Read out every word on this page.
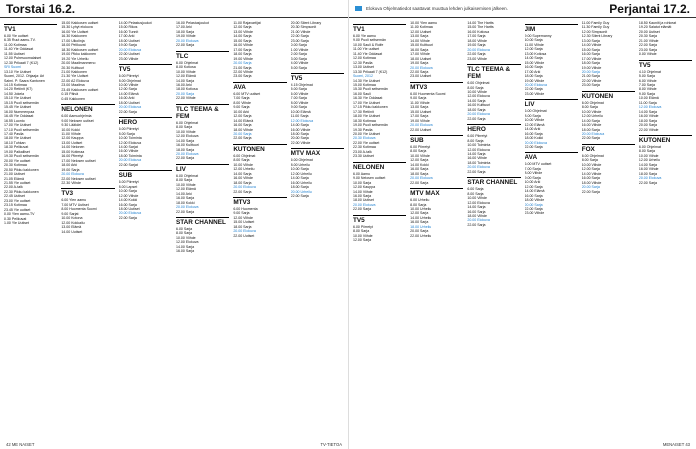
Torstai 16.2.
TV1
6.00 Yle uutiset
6.35 Ruut aamu-TV.
11.00 Kotimaa
11.40 Yle Oddasat
11.55 Uutiset
12.00 Puhesuomalaiset
12.30 Prikaati 7 (K12)
SRI Suomi
13.10 Yle Uutiset
Suomi, 2012. Ohjaaja: Ari
Salmi. P: Saara Kantonen
14.15 Kotimaa
14.20 Retiinit (K7)
14.50 Jokela
15.10 Yle Uutiset
15.15 Puoli seitsemän
15.45 Yle Uutiset
16.00 Nummenpaa
16.45 Yle Oddasat
16.55 Luonto
17.00 Yle Uutiset
17.10 Puoli seitsemän
17.40 Pasila
18.00 Yle Uutiset
18.10 Tuhkan
18.30 Pelikuvat
19.00 Paikalliset
19.30 Puoli seitsemän
20.00 Yle uutiset
20.30 Kotimaa
20.50 Pikku kakkonen
21.00 Uutiset
21.05 Elämä
21.55 Yle uutiset
22.00 A-talk
22.30 Pikku kakkonen
22.45 Uutiset
23.00 Yle uutiset
23.15 Kotimaa
23.45 Yle uutiset
0.00 Ylen aamu-TV
0.30 Pelikuvat
1.00 Yle Uutiset
15.00 Kakkosen uutiset
15.30 Lyhyt elokuva
16.00 Yle Uutiset
16.30 Kakkonen
17.00 Ulkolinja
18.00 Pelikuvat
18.30 Kakkosen uutiset
19.00 Pikku kakkonen
19.20 Yle Urheilu
20.00 Maailmanmeno
20.30 Kulttuuri
21.00 Kakkonen
21.30 Yle Uutiset
22.00 A2 Elokuva
23.00 Maailma
23.45 Kakkosen uutiset
0.15 Päivä
0.45 Kakkonen
NELONEN
6.00 Aamuohjelmia
9.00 Nelosen uutiset
9.30 Lääkäri
10.00 Kokki
11.00 Viihde
12.00 Kauppa
13.00 Uutiset
14.00 Nelonen
15.00 Kotimaa
16.00 Piirretyt
17.00 Nelosen uutiset
18.00 Arki
19.00 Sarja
20.00 Elokuva
22.00 Nelosen uutiset
22.30 Viihde
TV3
6.00 Ylen aamu
7.00 MTV Uutiset
8.00 Huomenta Suomi
9.00 Sarjat
10.00 Kotona
12.00 Kokkailu
13.00 Elämä
14.00 Uutiset
14.00 Pelastusjoukot
15.00 Rikos
16.00 Tunnit
17.00 Arki
18.00 Uutiset
19.00 Sarja
20.00 Elokuva
22.00 Uutiset
23.00 Viihde
TV5
6.00 Piirretyt
8.00 Ohjelmat
10.00 Viihde
12.00 Sarja
14.00 Elämä
16.00 Arki
18.00 Uutiset
20.00 Elokuva
22.00 Sarja
HERO
6.00 Piirretyt
8.00 Sarja
10.00 Toiminta
12.00 Elokuva
14.00 Sarjat
16.00 Viihde
18.00 Toiminta
20.00 Elokuva
22.00 Sarjat
SUB
6.00 Piirretyt
8.00 Lapset
10.00 Sarja
12.00 Viihde
14.00 Kokki
16.00 Sarja
18.00 Uutiset
20.00 Elokuva
22.00 Sarja
16.00 Pelastusjoukot
17.00 Arki
18.00 Sarja
19.00 Viihde
20.00 Elokuva
22.00 Sarja
TLC
6.00 Ohjelmat
8.00 Kotiosa
10.00 Viihde
12.00 Elämä
14.00 Sarja
16.00 Arki
18.00 Kotiosa
20.00 Sarja
22.00 Viihde
TLC TEEMA & FEM
6.00 Ohjelmat
8.00 Sarja
10.00 Viihde
12.00 Elokuva
14.00 Sarja
16.00 Kulttuuri
18.00 Sarja
20.00 Elokuva
22.00 Sarja
LIV
6.00 Ohjelmat
8.00 Sarja
10.00 Viihde
12.00 Elämä
14.00 Arki
16.00 Sarja
18.00 Kokki
20.00 Elokuva
22.00 Sarja
STAR CHANNEL
6.00 Sarja
8.00 Sarja
10.00 Viihde
12.00 Elokuva
14.00 Sarja
16.00 Sarja
11.00 Rajavartijat
12.00 Sarja
13.00 Viihde
14.00 Sarja
15.00 Sarja
16.00 Viihde
17.00 Sarja
18.00 Sarja
19.00 Viihde
20.00 Sarja
21.00 Sarja
22.00 Viihde
23.00 Sarja
AVA
6.00 MTV uutiset
7.00 Sarja
8.00 Viihde
9.00 Sarja
10.00 Arki
12.00 Sarja
14.00 Elämä
16.00 Sarja
18.00 Viihde
20.00 Sarja
22.00 Sarja
KUTONEN
6.00 Ohjelmat
8.00 Sarja
10.00 Viihde
12.00 Urheilu
14.00 Sarja
16.00 Viihde
18.00 Sarja
20.00 Elokuva
22.00 Sarja
MTV3
6.00 Huomenta
9.00 Sarja
12.00 Viihde
15.00 Uutiset
18.00 Sarja
20.00 Elokuva
22.00 Uutiset
20.00 Silent Library
20.30 Simpsonit
21.00 Viihde
22.00 Sarja
23.00 Sarja
0.00 Sarja
1.00 Viihde
2.00 Sarja
3.00 Sarja
4.00 Viihde
5.00 Sarja
TV5
4.15 Ohjelmat
5.00 Sarja
6.00 Viihde
7.00 Sarja
8.00 Viihde
9.00 Sarja
10.00 Elämä
11.00 Sarja
12.00 Elokuva
14.00 Sarja
16.00 Viihde
18.00 Sarja
20.00 Sarja
22.00 Viihde
MTV MAX
6.00 Ohjelmat
8.00 Urheilu
10.00 Sarja
12.00 Urheilu
14.00 Sarja
16.00 Urheilu
18.00 Sarja
20.00 Urheilu
22.00 Sarja
42 ME NAISET	TV-TIETOA
Elokuva Ohjelmatiedot saattavat muuttua lehden julkaisemisen jälkeen.	Perjantai 17.2.
TV1
6.00 Yle aamu
9.00 Puoli seitsemän
10.00 Sauli & Rolfe
11.00 Yle uutiset
11.40 Yle Oddasat
12.00 Kotimaa
12.30 Pasila
13.00 Uutiset
13.30 Prikaati 7 (K12)
Suomi, 2012
14.30 Yle Uutiset
15.00 Kotimaa
15.30 Puoli seitsemän
16.00 Sauli
16.30 Yle Oddasat
17.00 Yle Uutiset
17.15 Pikku kakkonen
17.30 Retiinit
18.00 Yle Uutiset
18.30 Kotimaa
19.00 Puoli seitsemän
19.30 Pasila
20.00 Yle Uutiset
20.30 Elokuva
22.00 Yle uutiset
22.30 Kotimaa
23.00 A-talk
23.30 Uutiset
NELONEN
6.00 Aamu
9.00 Nelosen uutiset
10.00 Sarja
12.00 Kauppa
14.00 Viihde
16.00 Sarja
18.00 Uutiset
20.00 Elokuva
22.00 Sarja
TV5
6.00 Piirretyt
8.00 Sarja
10.00 Viihde
12.00 Sarja
10.00 Ylen aamu
11.00 Kotimaa
12.00 Uutiset
13.00 Sarja
14.00 Viihde
15.00 Kulttuuri
16.00 Sarja
17.00 Viihde
18.00 Uutiset
19.00 Sarja
20.00 Elokuva
22.00 Sarja
23.00 Uutiset
MTV3
6.00 Huomenta Suomi
9.00 Sarja
11.00 Viihde
13.00 Sarja
15.00 Uutiset
17.00 Sarja
19.00 Viihde
20.00 Elokuva
22.00 Uutiset
SUB
6.00 Piirretyt
8.00 Sarja
10.00 Viihde
12.00 Sarja
14.00 Kokki
16.00 Sarja
18.00 Sarja
20.00 Elokuva
22.00 Sarja
MTV MAX
6.00 Urheilu
8.00 Sarja
10.00 Urheilu
12.00 Sarja
14.00 Urheilu
16.00 Sarja
18.00 Urheilu
20.00 Sarja
22.00 Urheilu
14.00 The Hartts
15.00 The Hartts
16.00 Kotiosa
17.00 Sarja
18.00 Viihde
19.00 Sarja
20.00 Elokuva
22.00 Sarja
23.00 Viihde
TLC TEEMA & FEM
6.00 Ohjelmat
8.00 Sarja
10.00 Viihde
12.00 Elokuva
14.00 Sarja
16.00 Kulttuuri
18.00 Sarja
20.00 Elokuva
22.00 Sarja
HERO
6.00 Piirretyt
8.00 Sarja
10.00 Toiminta
12.00 Elokuva
14.00 Sarja
16.00 Viihde
18.00 Toiminta
20.00 Elokuva
22.00 Sarja
STAR CHANNEL
6.00 Sarja
8.00 Sarja
10.00 Viihde
12.00 Elokuva
14.00 Sarja
16.00 Sarja
18.00 Viihde
20.00 Elokuva
22.00 Sarja
JIM
9.00 Supernanny
10.00 Sarja
11.00 Viihde
12.00 Sarja
13.00 Kotiosa
14.00 Sarja
15.00 Viihde
16.00 Sarja
17.00 Arki
18.00 Sarja
19.00 Viihde
20.00 Elokuva
22.00 Sarja
23.00 Viihde
LIV
6.00 Ohjelmat
8.00 Sarja
10.00 Viihde
12.00 Elämä
14.00 Arki
16.00 Sarja
18.00 Kokki
20.00 Elokuva
22.00 Sarja
AVA
6.00 MTV uutiset
7.00 Sarja
8.00 Viihde
9.00 Sarja
10.00 Arki
12.00 Sarja
14.00 Elämä
16.00 Sarja
18.00 Viihde
20.00 Sarja
22.00 Sarja
23.00 Viihde
11.00 Family Guy
11.30 Family Guy
12.00 Simpsonit
12.30 Silent Library
13.00 Sarja
14.00 Viihde
15.00 Sarja
16.00 Sarja
17.00 Viihde
18.00 Sarja
19.00 Viihde
20.00 Sarja
21.00 Sarja
22.00 Viihde
23.00 Sarja
KUTONEN
6.00 Ohjelmat
8.00 Sarja
10.00 Viihde
12.00 Urheilu
14.00 Sarja
16.00 Viihde
18.00 Sarja
20.00 Elokuva
22.00 Sarja
FOX
6.00 Ohjelmat
8.00 Sarja
10.00 Viihde
12.00 Sarja
14.00 Viihde
16.00 Sarja
18.00 Viihde
20.00 Sarja
22.00 Sarja
18.50 Kauniit ja rohkeat
19.20 Salatut elämät
20.00 Uutiset
20.30 Sarja
21.00 Viihde
22.00 Sarja
23.00 Sarja
0.00 Viihde
TV5
4.10 Ohjelmat
5.00 Sarja
6.00 Viihde
7.00 Sarja
8.00 Viihde
9.00 Sarja
10.00 Elämä
11.00 Sarja
12.00 Elokuva
14.00 Sarja
16.00 Viihde
18.00 Sarja
20.00 Sarja
22.00 Viihde
KUTONEN
6.00 Ohjelmat
8.00 Sarja
10.00 Viihde
12.00 Urheilu
14.00 Sarja
16.00 Viihde
18.00 Sarja
20.00 Elokuva
22.00 Sarja
MENAISET 43
